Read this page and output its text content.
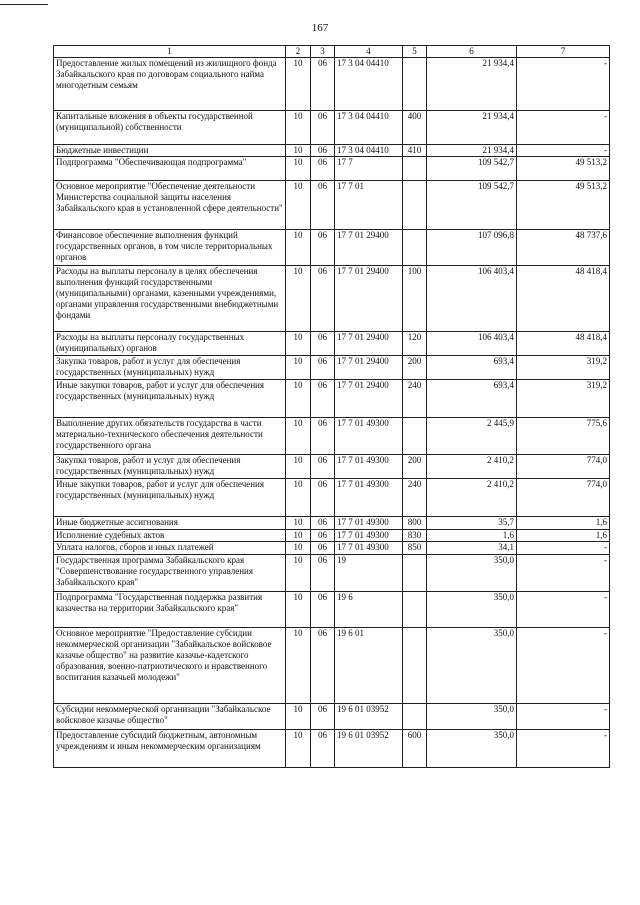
167
1	2	3	4	5	6	7
Предоставление жилых помещений из жилищного фонда Забайкальского края по договорам социального найма многодетным семьям	10	06	17 3 04 04410		21 934,4	-
Капитальные вложения в объекты государственной (муниципальной) собственности	10	06	17 3 04 04410	400	21 934,4	-
Бюджетные инвестиции	10	06	17 3 04 04410	410	21 934,4	-
Подпрограмма "Обеспечивающая подпрограмма"	10	06	17 7		109 542,7	49 513,2
Основное мероприятие "Обеспечение деятельности Министерства социальной защиты населения Забайкальского края в установленной сфере деятельности"	10	06	17 7 01		109 542,7	49 513,2
Финансовое обеспечение выполнения функций государственных органов, в том числе территориальных органов	10	06	17 7 01 29400		107 096,8	48 737,6
Расходы на выплаты персоналу в целях обеспечения выполнения функций государственными (муниципальными) органами, казенными учреждениями, органами управления государственными внебюджетными фондами	10	06	17 7 01 29400	100	106 403,4	48 418,4
Расходы на выплаты персоналу государственных (муниципальных) органов	10	06	17 7 01 29400	120	106 403,4	48 418,4
Закупка товаров, работ и услуг для обеспечения государственных (муниципальных) нужд	10	06	17 7 01 29400	200	693,4	319,2
Иные закупки товаров, работ и услуг для обеспечения государственных (муниципальных) нужд	10	06	17 7 01 29400	240	693,4	319,2
Выполнение других обязательств государства в части материально-технического обеспечения деятельности государственного органа	10	06	17 7 01 49300		2 445,9	775,6
Закупка товаров, работ и услуг для обеспечения государственных (муниципальных) нужд	10	06	17 7 01 49300	200	2 410,2	774,0
Иные закупки товаров, работ и услуг для обеспечения государственных (муниципальных) нужд	10	06	17 7 01 49300	240	2 410,2	774,0
Иные бюджетные ассигнования	10	06	17 7 01 49300	800	35,7	1,6
Исполнение судебных актов	10	06	17 7 01 49300	830	1,6	1,6
Уплата налогов, сборов и иных платежей	10	06	17 7 01 49300	850	34,1	-
Государственная программа Забайкальского края "Совершенствование государственного управления Забайкальского края"	10	06	19		350,0	-
Подпрограмма "Государственная поддержка развития казачества на территории Забайкальского края"	10	06	19 6		350,0	-
Основное мероприятие "Предоставление субсидии некоммерческой организации "Забайкальское войсковое казачье общество" на развитие казачье-кадетского образования, военно-патриотического и нравственного воспитания казачьей молодежи"	10	06	19 6 01		350,0	-
Субсидии некоммерческой организации "Забайкальское войсковое казачье общество"	10	06	19 6 01 03952		350,0	-
Предоставление субсидий бюджетным, автономным учреждениям и иным некоммерческим организациям	10	06	19 6 01 03952	600	350,0	-
